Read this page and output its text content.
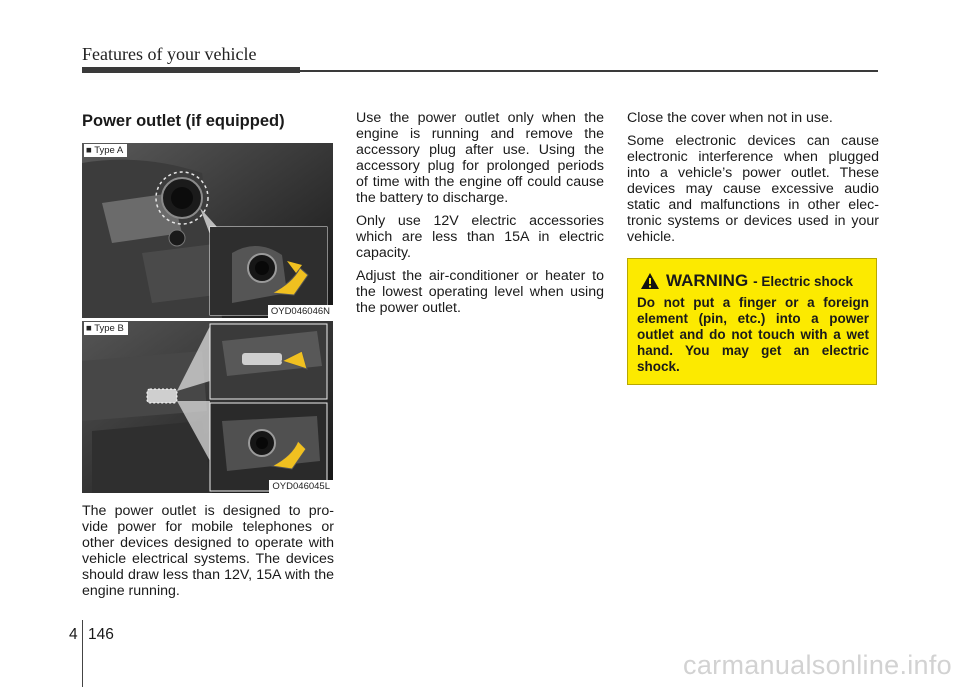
Features of your vehicle
Power outlet (if equipped)
■ Type A
OYD046046N
■ Type B
OYD046045L

The power outlet is designed to pro-vide power for mobile telephones or other devices designed to operate with vehicle electrical systems. The devices should draw less than 12V, 15A with the engine running.

Use the power outlet only when the engine is running and remove the accessory plug after use. Using the accessory plug for prolonged periods of time with the engine off could cause the battery to discharge.

Only use 12V electric accessories which are less than 15A in electric capacity.

Adjust the air-conditioner or heater to the lowest operating level when using the power outlet.

Close the cover when not in use.

Some electronic devices can cause electronic interference when plugged into a vehicle’s power outlet. These devices may cause excessive audio static and malfunctions in other elec-tronic systems or devices used in your vehicle.

WARNING - Electric shock
Do not put a finger or a foreign element (pin, etc.) into a power outlet and do not touch with a wet hand. You may get an electric shock.
4 146
carmanualsonline.info
